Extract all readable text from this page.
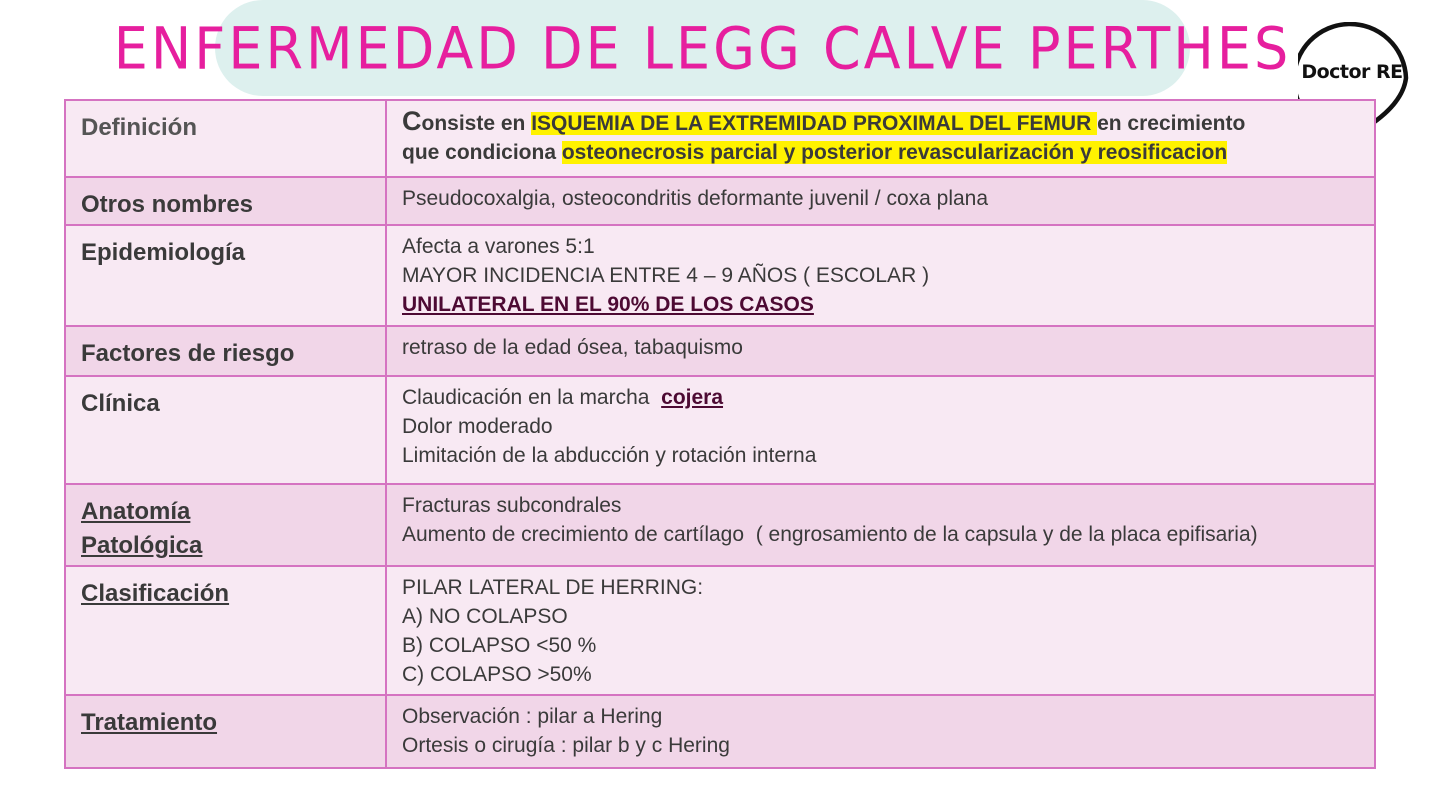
ENFERMEDAD DE LEGG CALVE PERTHES Doctor RE
Definición	Consiste en ISQUEMIA DE LA EXTREMIDAD PROXIMAL DEL FEMUR en crecimiento
que condiciona osteonecrosis parcial y posterior revascularización y reosificacion

Otros nombres	Pseudocoxalgia, osteocondritis deformante juvenil / coxa plana

Epidemiología	Afecta a varones 5:1
MAYOR INCIDENCIA ENTRE 4 – 9 AÑOS ( ESCOLAR )
UNILATERAL EN EL 90% DE LOS CASOS

Factores de riesgo	retraso de la edad ósea, tabaquismo

Clínica	Claudicación en la marcha  cojera
Dolor moderado
Limitación de la abducción y rotación interna

Anatomía
Patológica	Fracturas subcondrales
Aumento de crecimiento de cartílago  ( engrosamiento de la capsula y de la placa epifisaria)

Clasificación	PILAR LATERAL DE HERRING:
A) NO COLAPSO
B) COLAPSO <50 %
C) COLAPSO >50%

Tratamiento	Observación : pilar a Hering
Ortesis o cirugía : pilar b y c Hering
